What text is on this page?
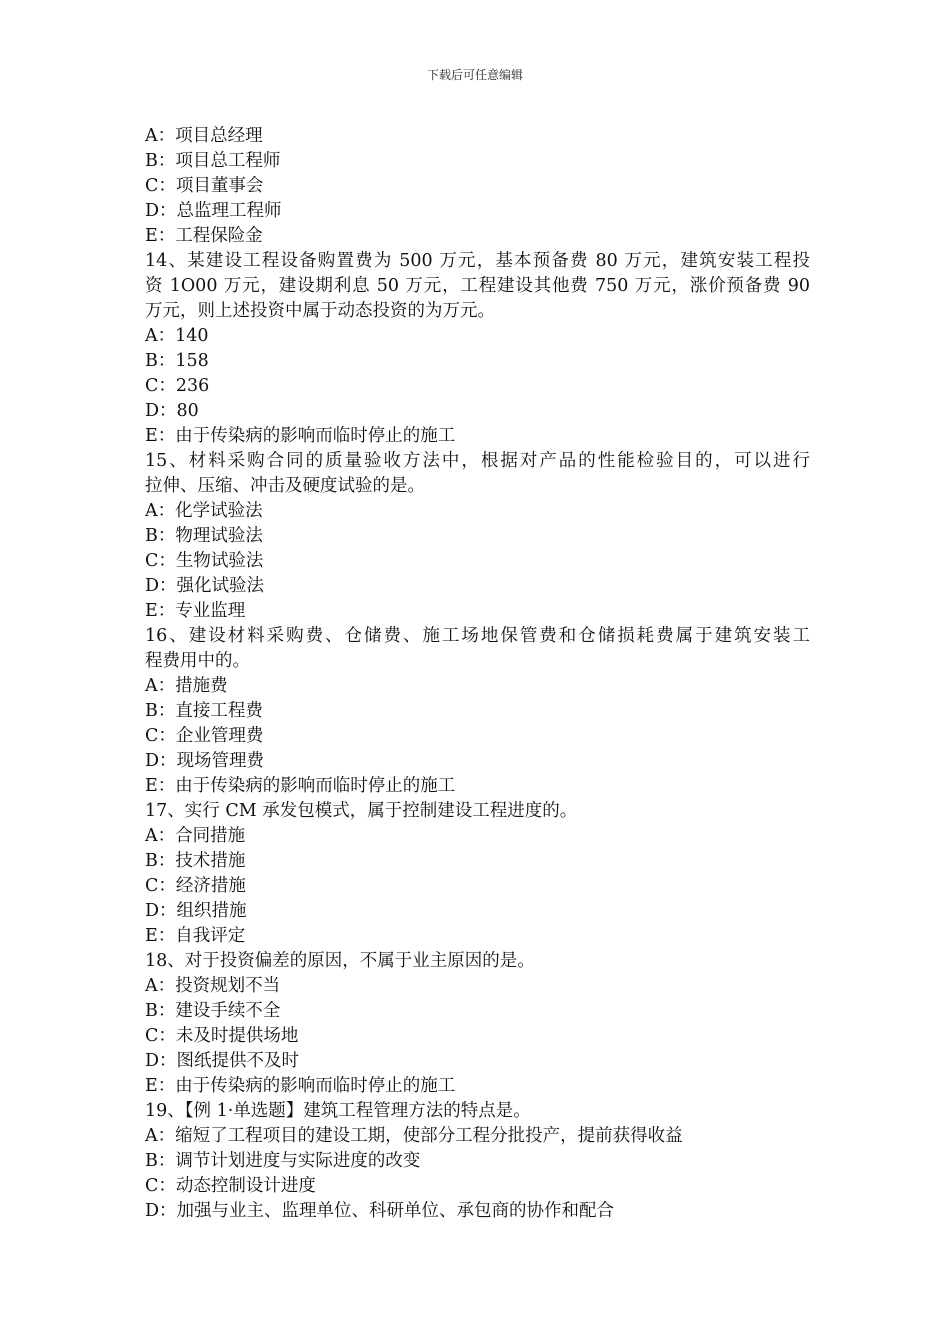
下载后可任意编辑
A：项目总经理
B：项目总工程师
C：项目董事会
D：总监理工程师
E：工程保险金
14、某建设工程设备购置费为 500 万元，基本预备费 80 万元，建筑安装工程投
资 1O00 万元，建设期利息 50 万元，工程建设其他费 750 万元，涨价预备费 90
万元，则上述投资中属于动态投资的为万元。
A：140
B：158
C：236
D：80
E：由于传染病的影响而临时停止的施工
15、材料采购合同的质量验收方法中，根据对产品的性能检验目的，可以进行
拉伸、压缩、冲击及硬度试验的是。
A：化学试验法
B：物理试验法
C：生物试验法
D：强化试验法
E：专业监理
16、建设材料采购费、仓储费、施工场地保管费和仓储损耗费属于建筑安装工
程费用中的。
A：措施费
B：直接工程费
C：企业管理费
D：现场管理费
E：由于传染病的影响而临时停止的施工
17、实行 CM 承发包模式，属于控制建设工程进度的。
A：合同措施
B：技术措施
C：经济措施
D：组织措施
E：自我评定
18、对于投资偏差的原因，不属于业主原因的是。
A：投资规划不当
B：建设手续不全
C：未及时提供场地
D：图纸提供不及时
E：由于传染病的影响而临时停止的施工
19、【例 1·单选题】建筑工程管理方法的特点是。
A：缩短了工程项目的建设工期，使部分工程分批投产，提前获得收益
B：调节计划进度与实际进度的改变
C：动态控制设计进度
D：加强与业主、监理单位、科研单位、承包商的协作和配合
